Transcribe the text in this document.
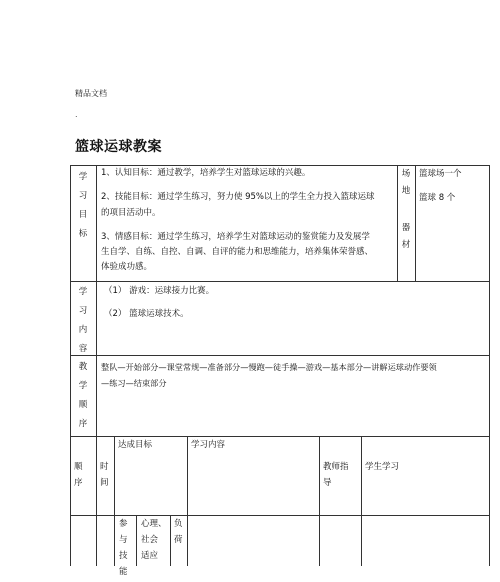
精品文档
.
篮球运球教案
学
习
目
标
1、认知目标：通过教学，培养学生对篮球运球的兴趣。
2、技能目标：通过学生练习，努力使 95%以上的学生全力投入篮球运球
的项目活动中。
3、情感目标：通过学生练习，培养学生对篮球运动的鉴赏能力及发展学
生自学、自练、自控、自调、自评的能力和思维能力，培养集体荣誉感、
体验成功感。
场
地
器
材
篮球场一个
篮球 8 个
学
习
内
容
（1） 游戏：运球接力比赛。
（2） 篮球运球技术。
教
学
顺
序
整队—开始部分—课堂常规—准备部分—慢跑—徒手操—游戏—基本部分—讲解运球动作要领
—练习—结束部分
顺
序
时
间
达成目标	学习内容
教师指
导
学生学习
参
与
技
能
心理、
社会
适应
负
荷
